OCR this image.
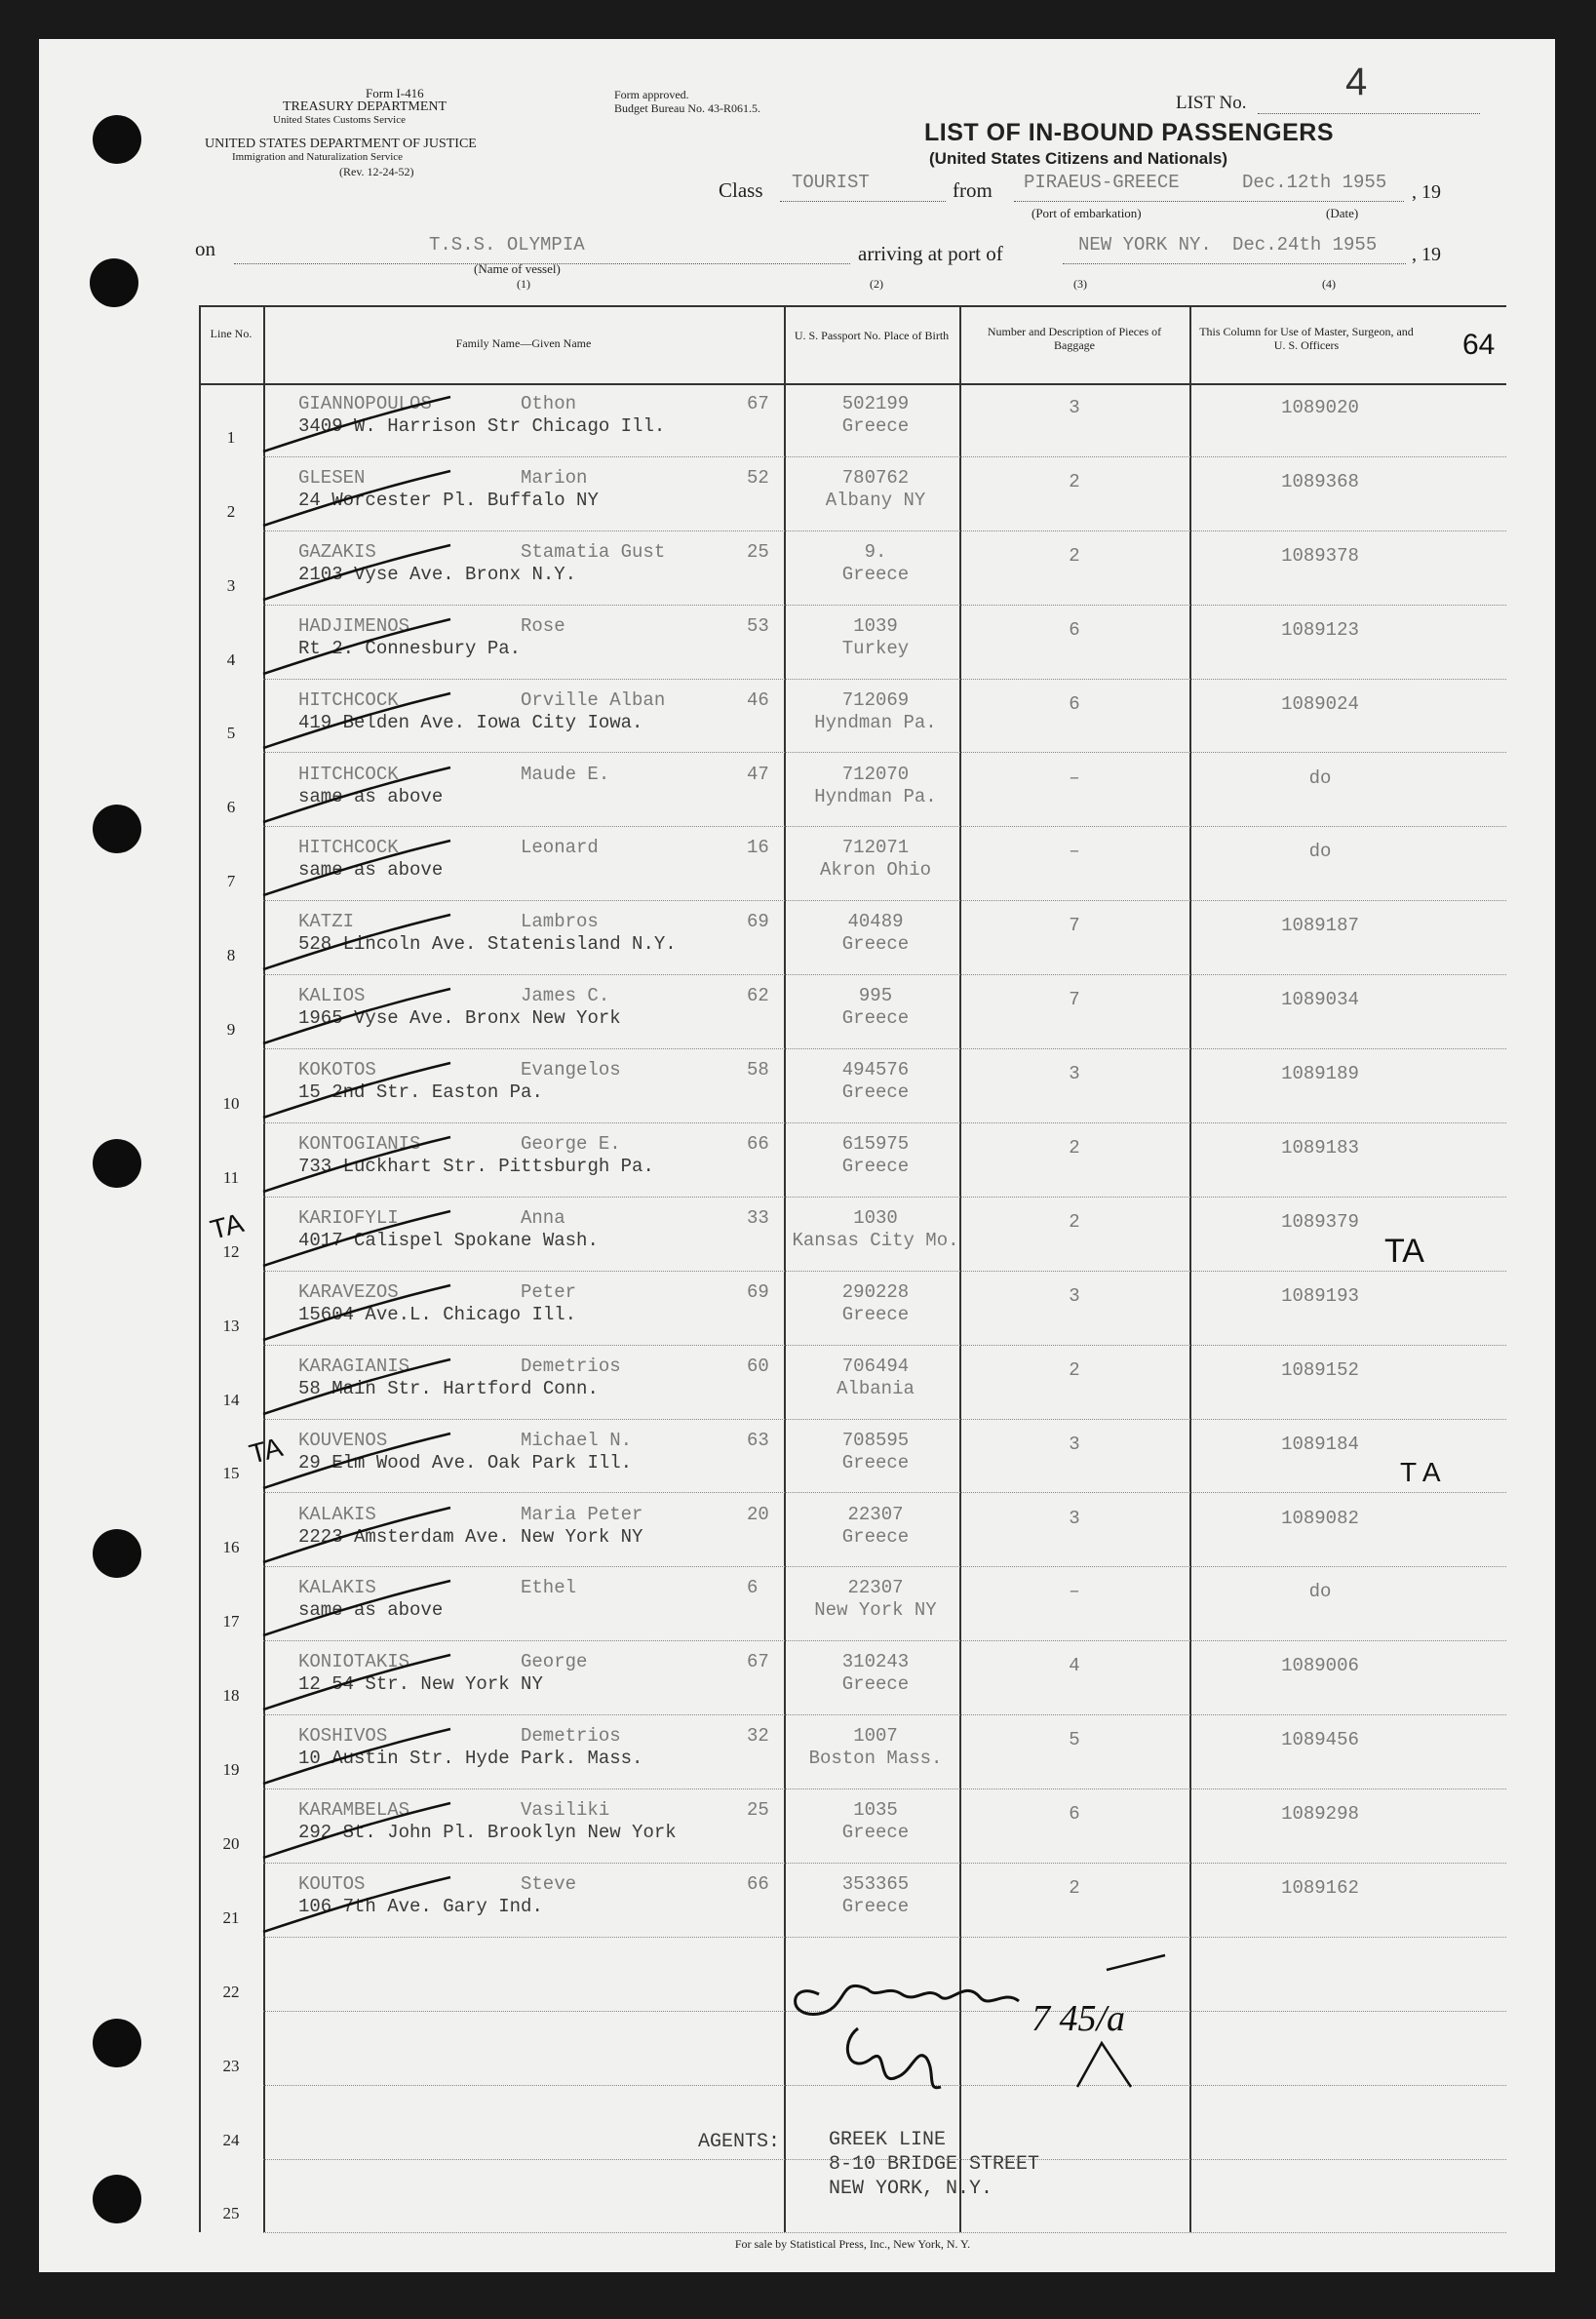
Form I-416
TREASURY DEPARTMENT
United States Customs Service
UNITED STATES DEPARTMENT OF JUSTICE
Immigration and Naturalization Service
(Rev. 12-24-52)
Form approved.
Budget Bureau No. 43-R061.5.	LIST No.	4
LIST OF IN-BOUND PASSENGERS
(United States Citizens and Nationals)
Class TOURIST	from PIRAEUS-GREECE	Dec.12th 1955 , 19
(Port of embarkation)	(Date)
on	T.S.S. OLYMPIA
(Name of vessel)
(1)
arriving at port of	NEW YORK NY. Dec.24th 1955 , 19
(2)	(3)	(4)
Line No.
Family Name—Given Name
U. S. Passport No. Place of Birth	Number and Description of Pieces of Baggage
This Column for Use of Master, Surgeon, and U. S. Officers	64
1
GIANNOPOULOS	Othon	67
3409 W. Harrison Str Chicago Ill.
502199
Greece
3	1089020
2
GLESEN	Marion	52
24 Worcester Pl. Buffalo NY
780762
Albany NY
2	1089368
3
GAZAKIS	Stamatia Gust	25
2103 Vyse Ave. Bronx N.Y.
9.
Greece
2	1089378
4
HADJIMENOS	Rose	53
Rt 2. Connesbury Pa.
1039
Turkey
6	1089123
5
HITCHCOCK	Orville Alban	46
419 Belden Ave. Iowa City Iowa.
712069
Hyndman Pa.
6	1089024
6
HITCHCOCK	Maude E.	47
same as above
712070
Hyndman Pa.
–	do
7
HITCHCOCK	Leonard	16
same as above
712071
Akron Ohio
–	do
8
KATZI	Lambros	69
528 Lincoln Ave. Statenisland N.Y.
40489
Greece
7	1089187
9
KALIOS	James C.	62
1965 Vyse Ave. Bronx New York
995
Greece
7	1089034
10
KOKOTOS	Evangelos	58
15 2nd Str. Easton Pa.
494576
Greece
3	1089189
11
KONTOGIANIS	George E.	66
733 Luckhart Str. Pittsburgh Pa.
615975
Greece
2	1089183
12
KARIOFYLI	Anna	33
4017 Calispel Spokane Wash.
1030
Kansas City Mo.
2	1089379
13
KARAVEZOS	Peter	69
15604 Ave.L. Chicago Ill.
290228
Greece
3	1089193
14
KARAGIANIS	Demetrios	60
58 Main Str. Hartford Conn.
706494
Albania
2	1089152
15
KOUVENOS	Michael N.	63
29 Elm Wood Ave. Oak Park Ill.
708595
Greece
3	1089184
16
KALAKIS	Maria Peter	20
2223 Amsterdam Ave. New York NY
22307
Greece
3	1089082
17
KALAKIS	Ethel	6
same as above
22307
New York NY
–	do
18
KONIOTAKIS	George	67
12 54 Str. New York NY
310243
Greece
4	1089006
19
KOSHIVOS	Demetrios	32
10 Austin Str. Hyde Park. Mass.
1007
Boston Mass.
5	1089456
20
KARAMBELAS	Vasiliki	25
292 St. John Pl. Brooklyn New York
1035
Greece
6	1089298
21
KOUTOS	Steve	66
106 7th Ave. Gary Ind.
353365
Greece
2	1089162
22
23
24
25
For sale by Statistical Press, Inc., New York, N. Y.
TA
T A
TA
TA
7 45/a
AGENTS: GREEK LINE
8-10 BRIDGE STREET
NEW YORK, N.Y.
